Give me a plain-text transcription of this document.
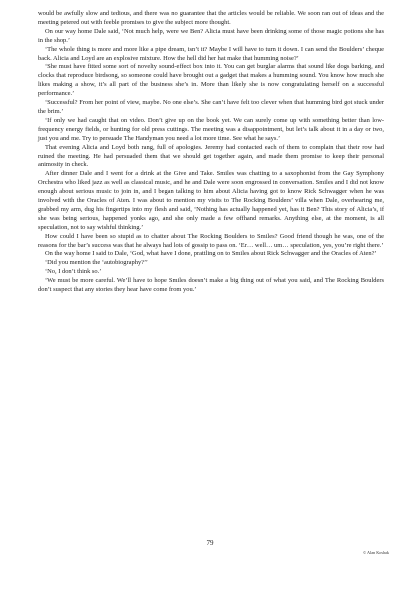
would be awfully slow and tedious, and there was no guarantee that the articles would be reliable. We soon ran out of ideas and the meeting petered out with feeble promises to give the subject more thought.

On our way home Dale said, ‘Not much help, were we Ben? Alicia must have been drinking some of those magic potions she has in the shop.’

‘The whole thing is more and more like a pipe dream, isn’t it? Maybe I will have to turn it down. I can send the Boulders’ cheque back. Alicia and Loyd are an explosive mixture. How the hell did her hat make that humming noise?’

‘She must have fitted some sort of novelty sound-effect box into it. You can get burglar alarms that sound like dogs barking, and clocks that reproduce birdsong, so someone could have brought out a gadget that makes a humming sound. You know how much she likes making a show, it’s all part of the business she’s in. More than likely she is now congratulating herself on a successful performance.’

‘Successful? From her point of view, maybe. No one else’s. She can’t have felt too clever when that humming bird got stuck under the brim.’

‘If only we had caught that on video. Don’t give up on the book yet. We can surely come up with something better than low-frequency energy fields, or hunting for old press cuttings. The meeting was a disappointment, but let’s talk about it in a day or two, just you and me. Try to persuade The Handyman you need a lot more time. See what he says.’

That evening Alicia and Loyd both rang, full of apologies. Jeremy had contacted each of them to complain that their row had ruined the meeting. He had persuaded them that we should get together again, and made them promise to keep their personal animosity in check.

After dinner Dale and I went for a drink at the Give and Take. Smiles was chatting to a saxophonist from the Gay Symphony Orchestra who liked jazz as well as classical music, and he and Dale were soon engrossed in conversation. Smiles and I did not know enough about serious music to join in, and I began talking to him about Alicia having got to know Rick Schwagger when he was involved with the Oracles of Aten. I was about to mention my visits to The Rocking Boulders’ villa when Dale, overhearing me, grabbed my arm, dug his fingertips into my flesh and said, ‘Nothing has actually happened yet, has it Ben? This story of Alicia’s, if she was being serious, happened yonks ago, and she only made a few offhand remarks. Anything else, at the moment, is all speculation, not to say wishful thinking.’

How could I have been so stupid as to chatter about The Rocking Boulders to Smiles? Good friend though he was, one of the reasons for the bar’s success was that he always had lots of gossip to pass on. ‘Er… well… um… speculation, yes, you’re right there.’

On the way home I said to Dale, ‘God, what have I done, prattling on to Smiles about Rick Schwagger and the Oracles of Aten?’

‘Did you mention the ‘autobiography?’’

‘No, I don’t think so.’

‘We must be more careful. We’ll have to hope Smiles doesn’t make a big thing out of what you said, and The Rocking Boulders don’t suspect that any stories they hear have come from you.’

79
© Alan Koshak
